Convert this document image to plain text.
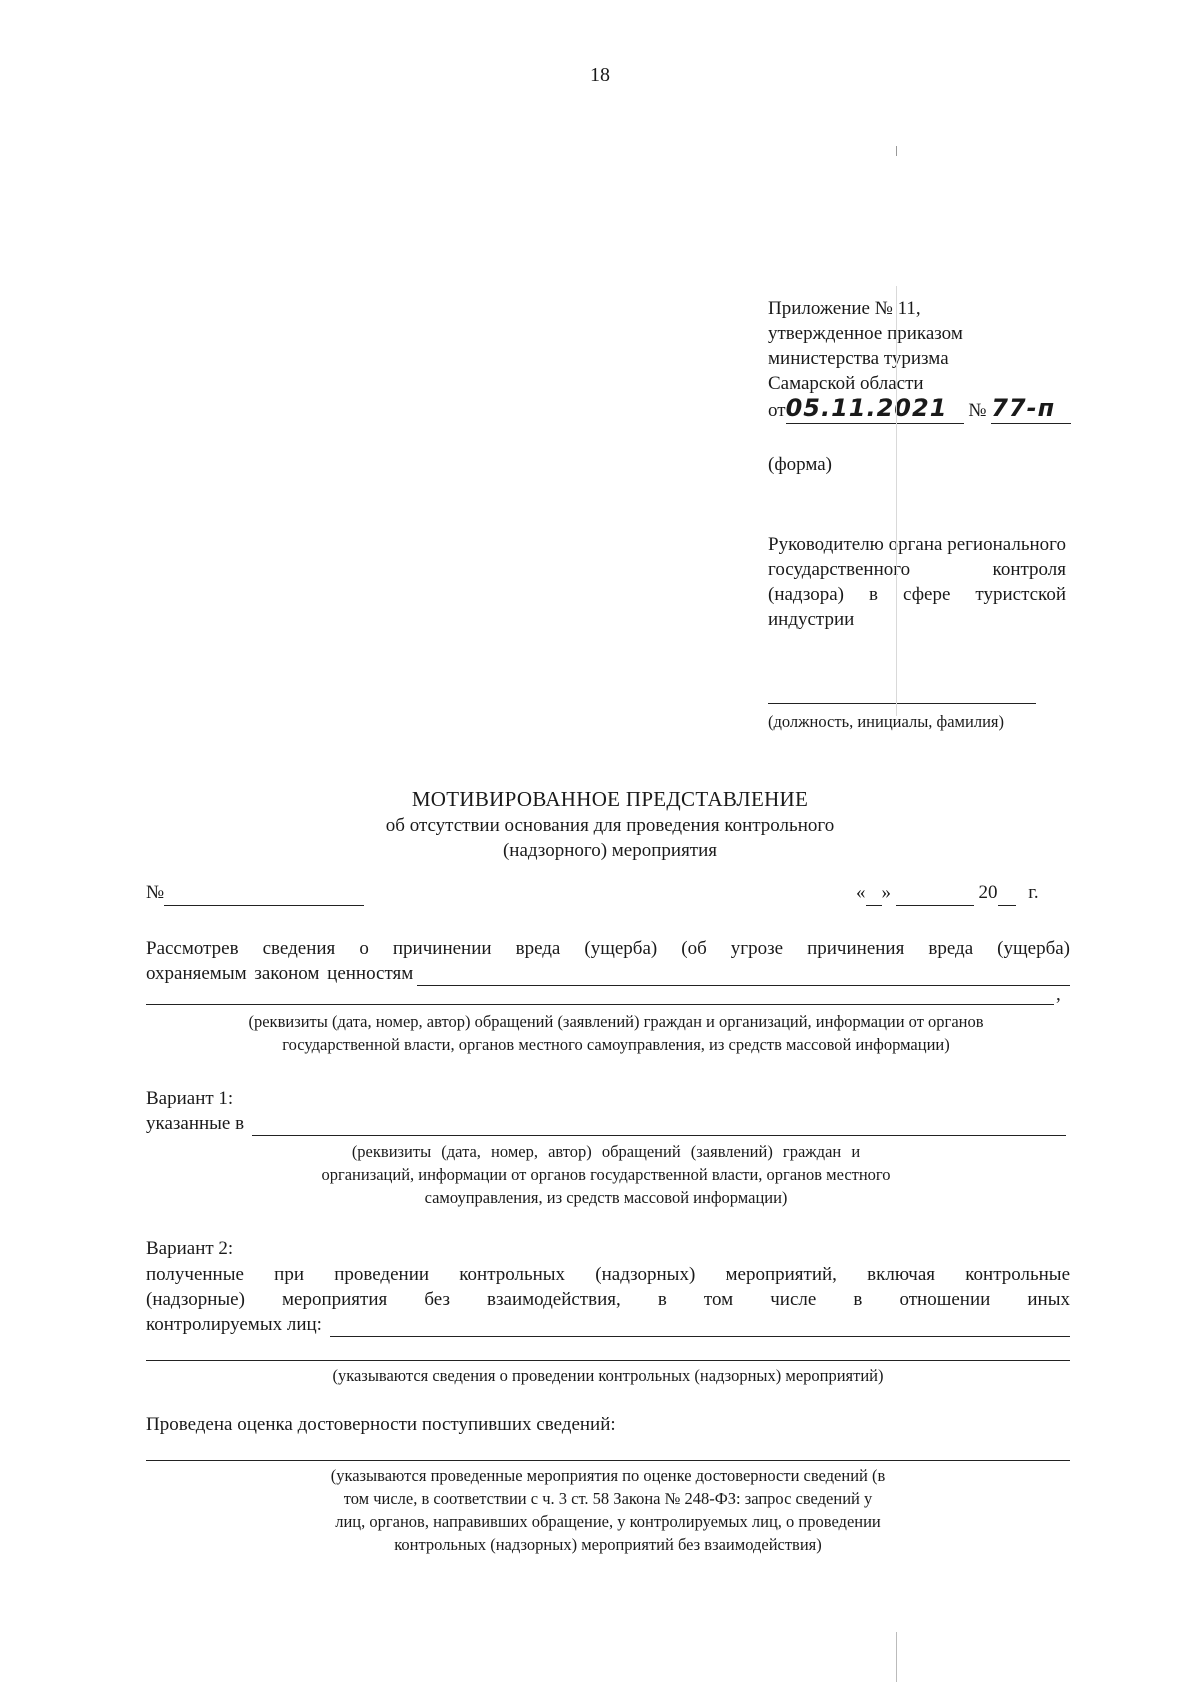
18
Приложение № 11,
утвержденное приказом
министерства туризма
Самарской области
от05.11.2021 № 77-п
(форма)

Руководителю органа регионального государственного контроля (надзора) в сфере туристской индустрии

(должность, инициалы, фамилия)
МОТИВИРОВАННОЕ ПРЕДСТАВЛЕНИЕ
об отсутствии основания для проведения контрольного
(надзорного) мероприятия
№	« »	20 г.
Рассмотрев сведения о причинении вреда (ущерба) (об угрозе причинения вреда (ущерба)
охраняемым законом ценностям
,
(реквизиты (дата, номер, автор) обращений (заявлений) граждан и организаций, информации от органов
государственной власти, органов местного самоуправления, из средств массовой информации)
Вариант 1:
указанные в
(реквизиты (дата, номер, автор) обращений (заявлений) граждан и
организаций, информации от органов государственной власти, органов местного
самоуправления, из средств массовой информации)
Вариант 2:
полученные при проведении контрольных (надзорных) мероприятий, включая контрольные
(надзорные) мероприятия без взаимодействия, в том числе в отношении иных
контролируемых лиц:
(указываются сведения о проведении контрольных (надзорных) мероприятий)
Проведена оценка достоверности поступивших сведений:
(указываются проведенные мероприятия по оценке достоверности сведений (в
том числе, в соответствии с ч. 3 ст. 58 Закона № 248-ФЗ: запрос сведений у
лиц, органов, направивших обращение, у контролируемых лиц, о проведении
контрольных (надзорных) мероприятий без взаимодействия)
